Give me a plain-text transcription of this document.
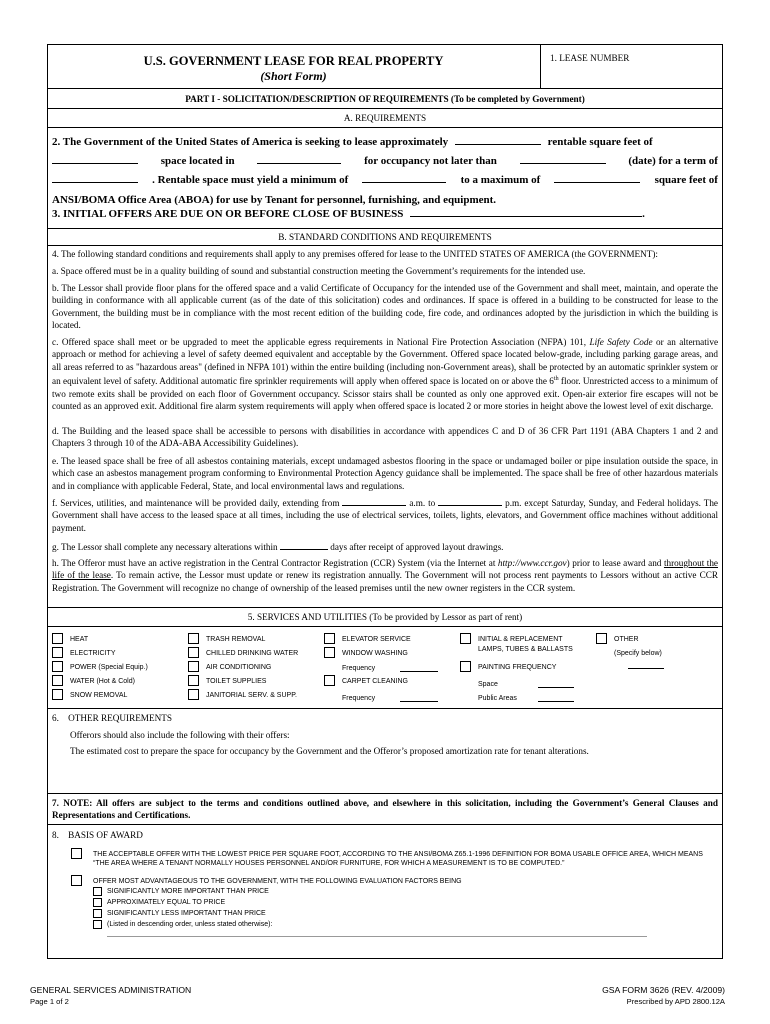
U.S. GOVERNMENT LEASE FOR REAL PROPERTY
(Short Form)
1. LEASE NUMBER
PART I - SOLICITATION/DESCRIPTION OF REQUIREMENTS (To be completed by Government)
A. REQUIREMENTS
2. The Government of the United States of America is seeking to lease approximately	rentable square feet of
space located in	for occupancy not later than	(date) for a term of
. Rentable space must yield a minimum of	to a maximum of	square feet of
ANSI/BOMA Office Area (ABOA) for use by Tenant for personnel, furnishing, and equipment.
3. INITIAL OFFERS ARE DUE ON OR BEFORE CLOSE OF BUSINESS	.
B. STANDARD CONDITIONS AND REQUIREMENTS
4. The following standard conditions and requirements shall apply to any premises offered for lease to the UNITED STATES OF AMERICA (the GOVERNMENT):
a. Space offered must be in a quality building of sound and substantial construction meeting the Government’s requirements for the intended use.
b. The Lessor shall provide floor plans for the offered space and a valid Certificate of Occupancy for the intended use of the Government and shall meet, maintain, and operate the building in conformance with all applicable current (as of the date of this solicitation) codes and ordinances. If space is offered in a building to be constructed for lease to the Government, the building must be in compliance with the most recent edition of the building code, fire code, and ordinances adopted by the jurisdiction in which the building is located.
c. Offered space shall meet or be upgraded to meet the applicable egress requirements in National Fire Protection Association (NFPA) 101, Life Safety Code or an alternative approach or method for achieving a level of safety deemed equivalent and acceptable by the Government. Offered space located below-grade, including parking garage areas, and all areas referred to as "hazardous areas" (defined in NFPA 101) within the entire building (including non-Government areas), shall be protected by an automatic sprinkler system or an equivalent level of safety. Additional automatic fire sprinkler requirements will apply when offered space is located on or above the 6th floor. Unrestricted access to a minimum of two remote exits shall be provided on each floor of Government occupancy. Scissor stairs shall be counted as only one approved exit. Open-air exterior fire escapes will not be counted as an approved exit. Additional fire alarm system requirements will apply when offered space is located 2 or more stories in height above the lowest level of exit discharge.
d. The Building and the leased space shall be accessible to persons with disabilities in accordance with appendices C and D of 36 CFR Part 1191 (ABA Chapters 1 and 2 and Chapters 3 through 10 of the ADA-ABA Accessibility Guidelines).
e. The leased space shall be free of all asbestos containing materials, except undamaged asbestos flooring in the space or undamaged boiler or pipe insulation outside the space, in which case an asbestos management program conforming to Environmental Protection Agency guidance shall be implemented. The space shall be free of other hazardous materials and in compliance with applicable Federal, State, and local environmental laws and regulations.
f. Services, utilities, and maintenance will be provided daily, extending from	a.m. to	p.m. except Saturday, Sunday, and Federal holidays. The Government shall have access to the leased space at all times, including the use of electrical services, toilets, lights, elevators, and Government office machines without additional payment.
g. The Lessor shall complete any necessary alterations within	days after receipt of approved layout drawings.
h. The Offeror must have an active registration in the Central Contractor Registration (CCR) System (via the Internet at http://www.ccr.gov) prior to lease award and throughout the life of the lease. To remain active, the Lessor must update or renew its registration annually. The Government will not process rent payments to Lessors without an active CCR Registration. The Government will recognize no change of ownership of the leased premises until the new owner registers in the CCR system.
5. SERVICES AND UTILITIES (To be provided by Lessor as part of rent)
HEAT
ELECTRICITY
POWER (Special Equip.)
WATER (Hot & Cold)
SNOW REMOVAL
TRASH REMOVAL
CHILLED DRINKING WATER
AIR CONDITIONING
TOILET SUPPLIES
JANITORIAL SERV. & SUPP.
ELEVATOR SERVICE
WINDOW WASHING
Frequency
CARPET CLEANING
Frequency
INITIAL & REPLACEMENT
LAMPS, TUBES & BALLASTS
PAINTING FREQUENCY
Space
Public Areas
OTHER
(Specify below)
6.    OTHER REQUIREMENTS
Offerors should also include the following with their offers:
The estimated cost to prepare the space for occupancy by the Government and the Offeror’s proposed amortization rate for tenant alterations.
7. NOTE: All offers are subject to the terms and conditions outlined above, and elsewhere in this solicitation, including the Government’s General Clauses and Representations and Certifications.
8.    BASIS OF AWARD
THE ACCEPTABLE OFFER WITH THE LOWEST PRICE PER SQUARE FOOT, ACCORDING TO THE ANSI/BOMA Z65.1-1996 DEFINITION FOR BOMA USABLE OFFICE AREA, WHICH MEANS “THE AREA WHERE A TENANT NORMALLY HOUSES PERSONNEL AND/OR FURNITURE, FOR WHICH A MEASUREMENT IS TO BE COMPUTED.”
OFFER MOST ADVANTAGEOUS TO THE GOVERNMENT, WITH THE FOLLOWING EVALUATION FACTORS BEING
SIGNIFICANTLY MORE IMPORTANT THAN PRICE
APPROXIMATELY EQUAL TO PRICE
SIGNIFICANTLY LESS IMPORTANT THAN PRICE
(Listed in descending order, unless stated otherwise):
GENERAL SERVICES ADMINISTRATION
Page 1 of 2
GSA FORM 3626 (REV. 4/2009)
Prescribed by APD 2800.12A
